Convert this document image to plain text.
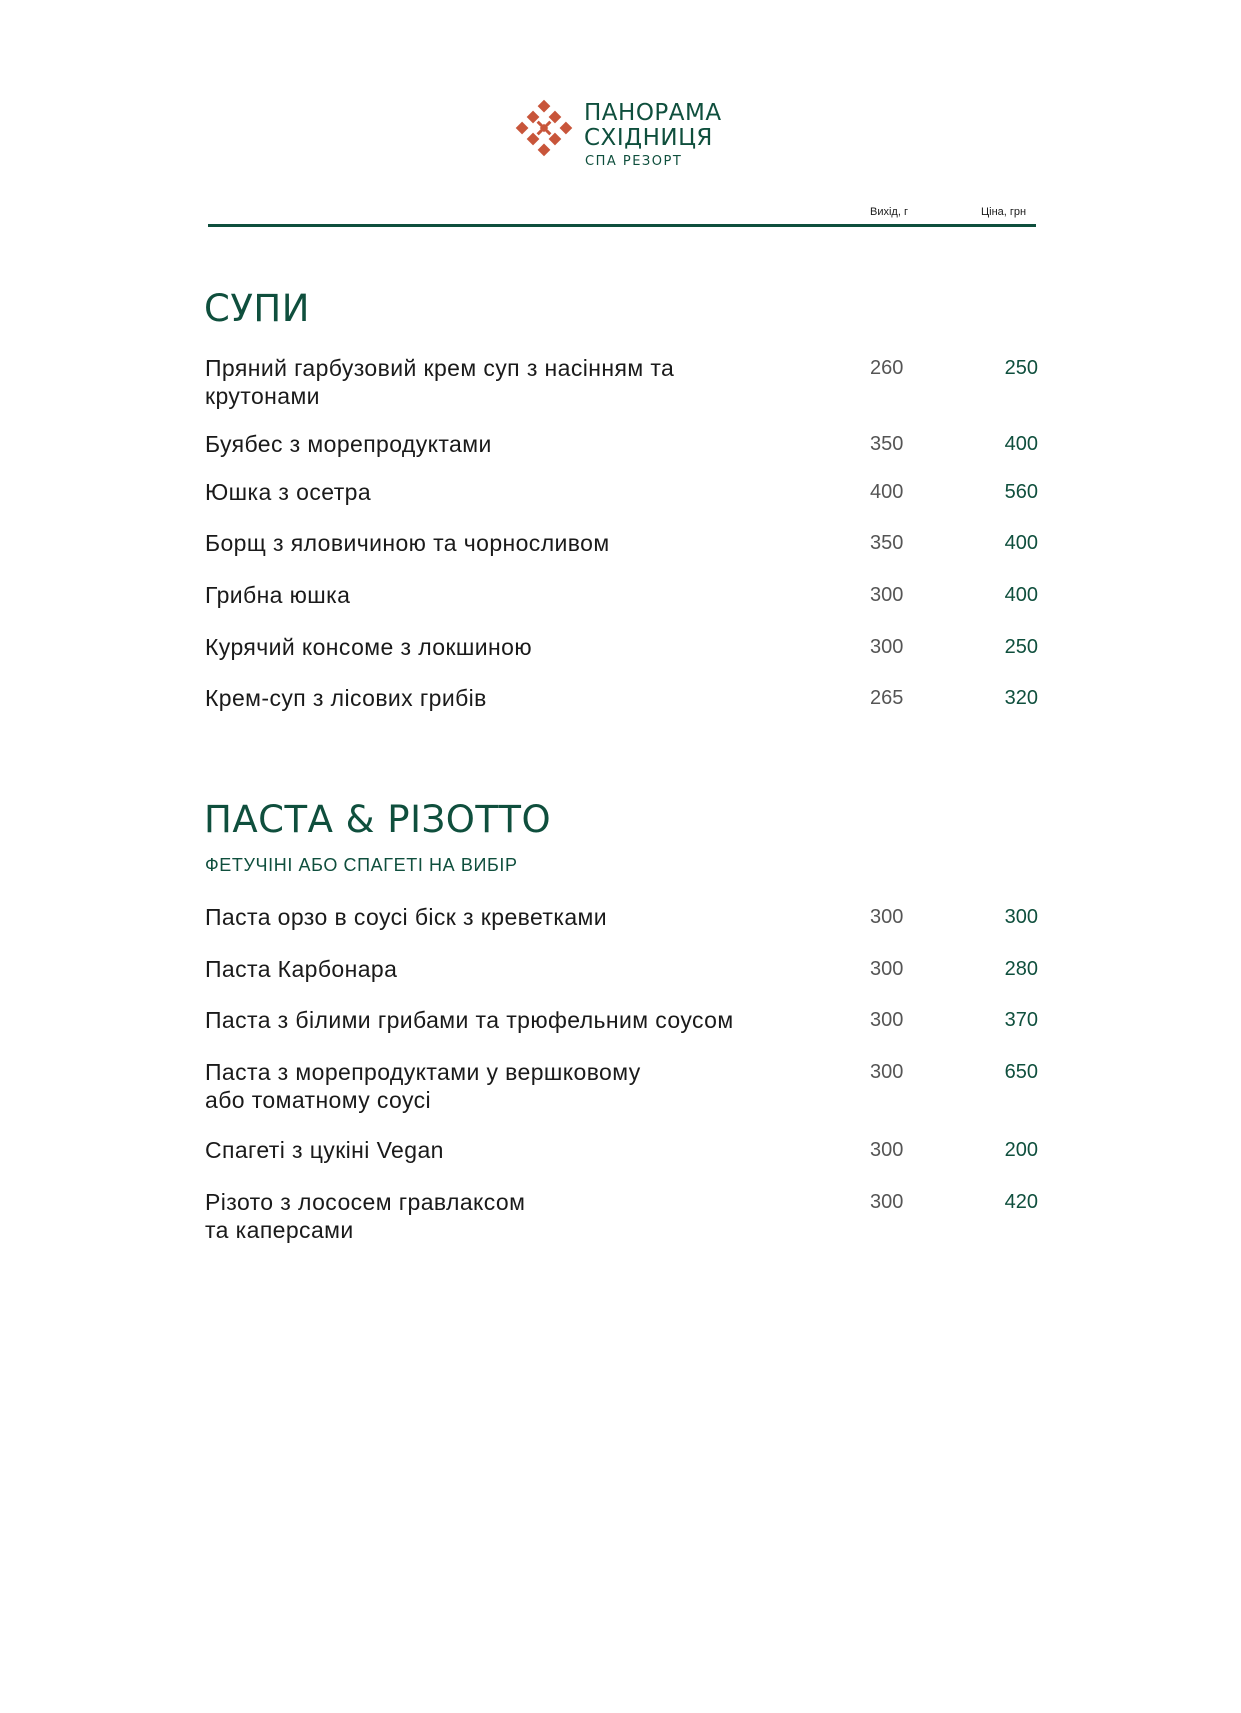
ПАНОРАМА
СХІДНИЦЯ
СПА РЕЗОРТ
Вихід, г	Ціна, грн
СУПИ
Пряний гарбузовий крем суп з насінням та
крутонами
260	250
Буябес з морепродуктами	350	400
Юшка з осетра	400	560
Борщ з яловичиною та чорносливом	350	400
Грибна юшка	300	400
Курячий консоме з локшиною	300	250
Крем-суп з лісових грибів	265	320
ПАСТА & РІЗОТТО
ФЕТУЧІНІ АБО СПАГЕТІ НА ВИБІР
Паста орзо в соусі біск з креветками	300	300
Паста Карбонара	300	280
Паста з білими грибами та трюфельним соусом	300	370
Паста з морепродуктами у вершковому
або томатному соусі
300	650
Спагеті з цукіні Vegan	300	200
Різото з лососем гравлаксом
та каперсами
300	420
